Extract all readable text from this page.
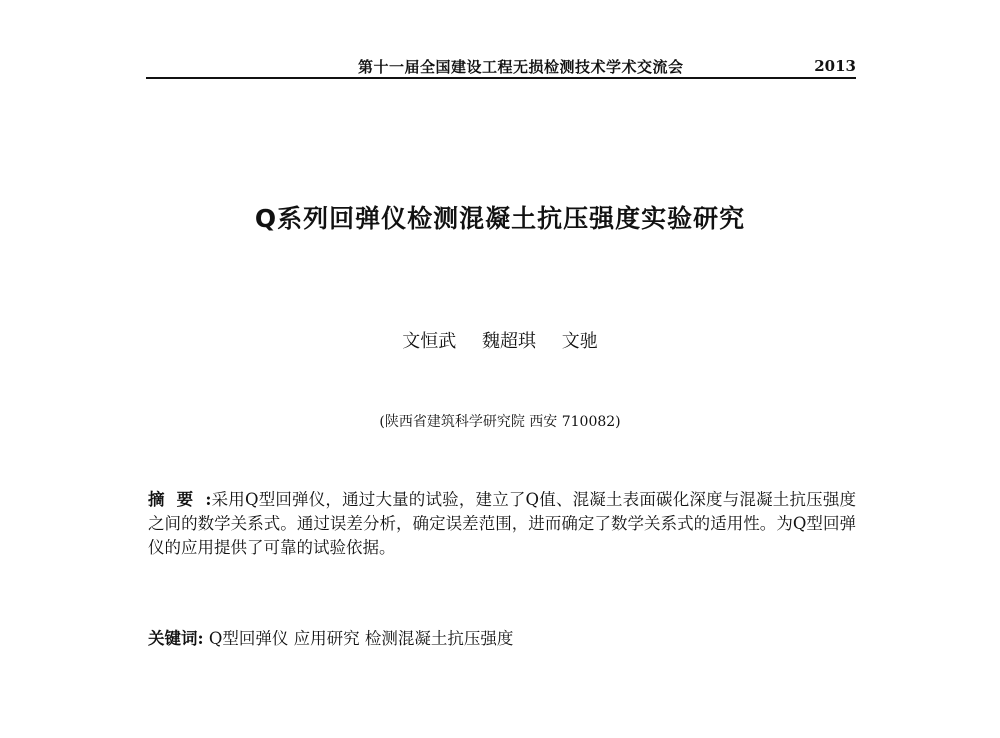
第十一届全国建设工程无损检测技术学术交流会	2013
Q系列回弹仪检测混凝土抗压强度实验研究
文恒武 魏超琪 文驰
(陕西省建筑科学研究院 西安 710082)
摘要:采用Q型回弹仪，通过大量的试验，建立了Q值、混凝土表面碳化深度与混凝土抗压强度之间的数学关系式。通过误差分析，确定误差范围，进而确定了数学关系式的适用性。为Q型回弹仪的应用提供了可靠的试验依据。
关键词: Q型回弹仪 应用研究 检测混凝土抗压强度
